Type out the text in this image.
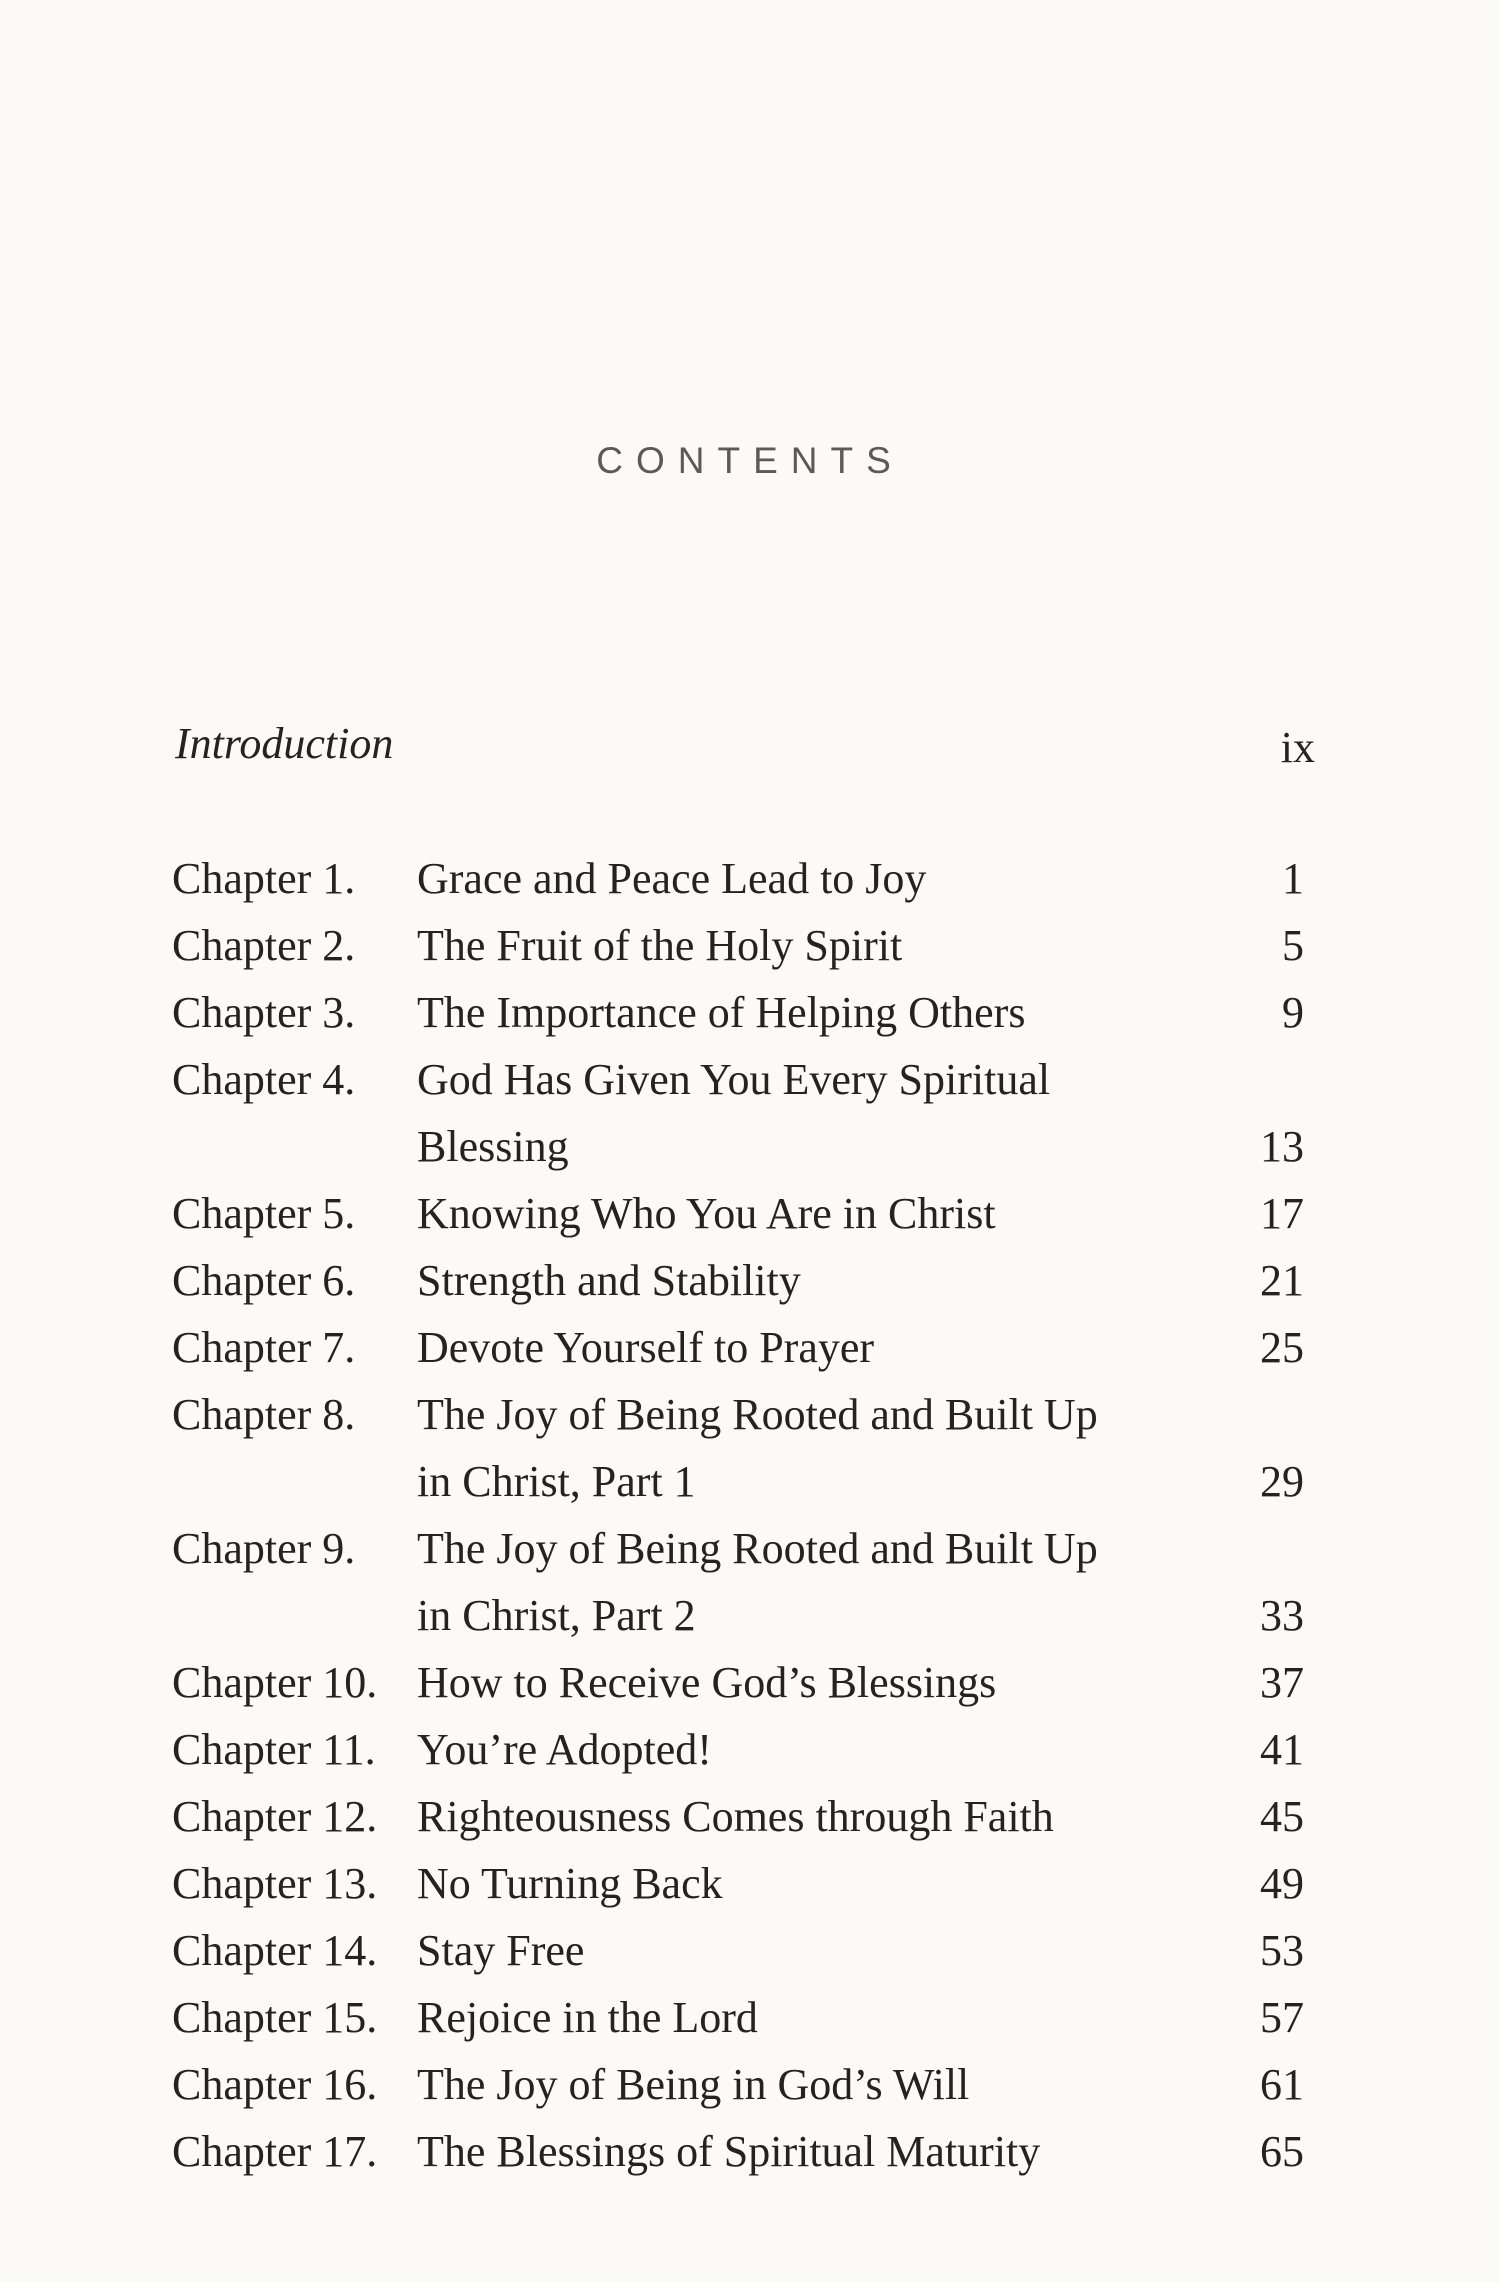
CONTENTS
Introduction	ix
Chapter 1.	Grace and Peace Lead to Joy	1
Chapter 2.	The Fruit of the Holy Spirit	5
Chapter 3.	The Importance of Helping Others	9
Chapter 4.	God Has Given You Every Spiritual
Blessing	13
Chapter 5.	Knowing Who You Are in Christ	17
Chapter 6.	Strength and Stability	21
Chapter 7.	Devote Yourself to Prayer	25
Chapter 8.	The Joy of Being Rooted and Built Up
in Christ, Part 1	29
Chapter 9.	The Joy of Being Rooted and Built Up
in Christ, Part 2	33
Chapter 10. How to Receive God’s Blessings	37
Chapter 11. You’re Adopted!	41
Chapter 12. Righteousness Comes through Faith	45
Chapter 13. No Turning Back	49
Chapter 14. Stay Free	53
Chapter 15. Rejoice in the Lord	57
Chapter 16. The Joy of Being in God’s Will	61
Chapter 17. The Blessings of Spiritual Maturity	65
